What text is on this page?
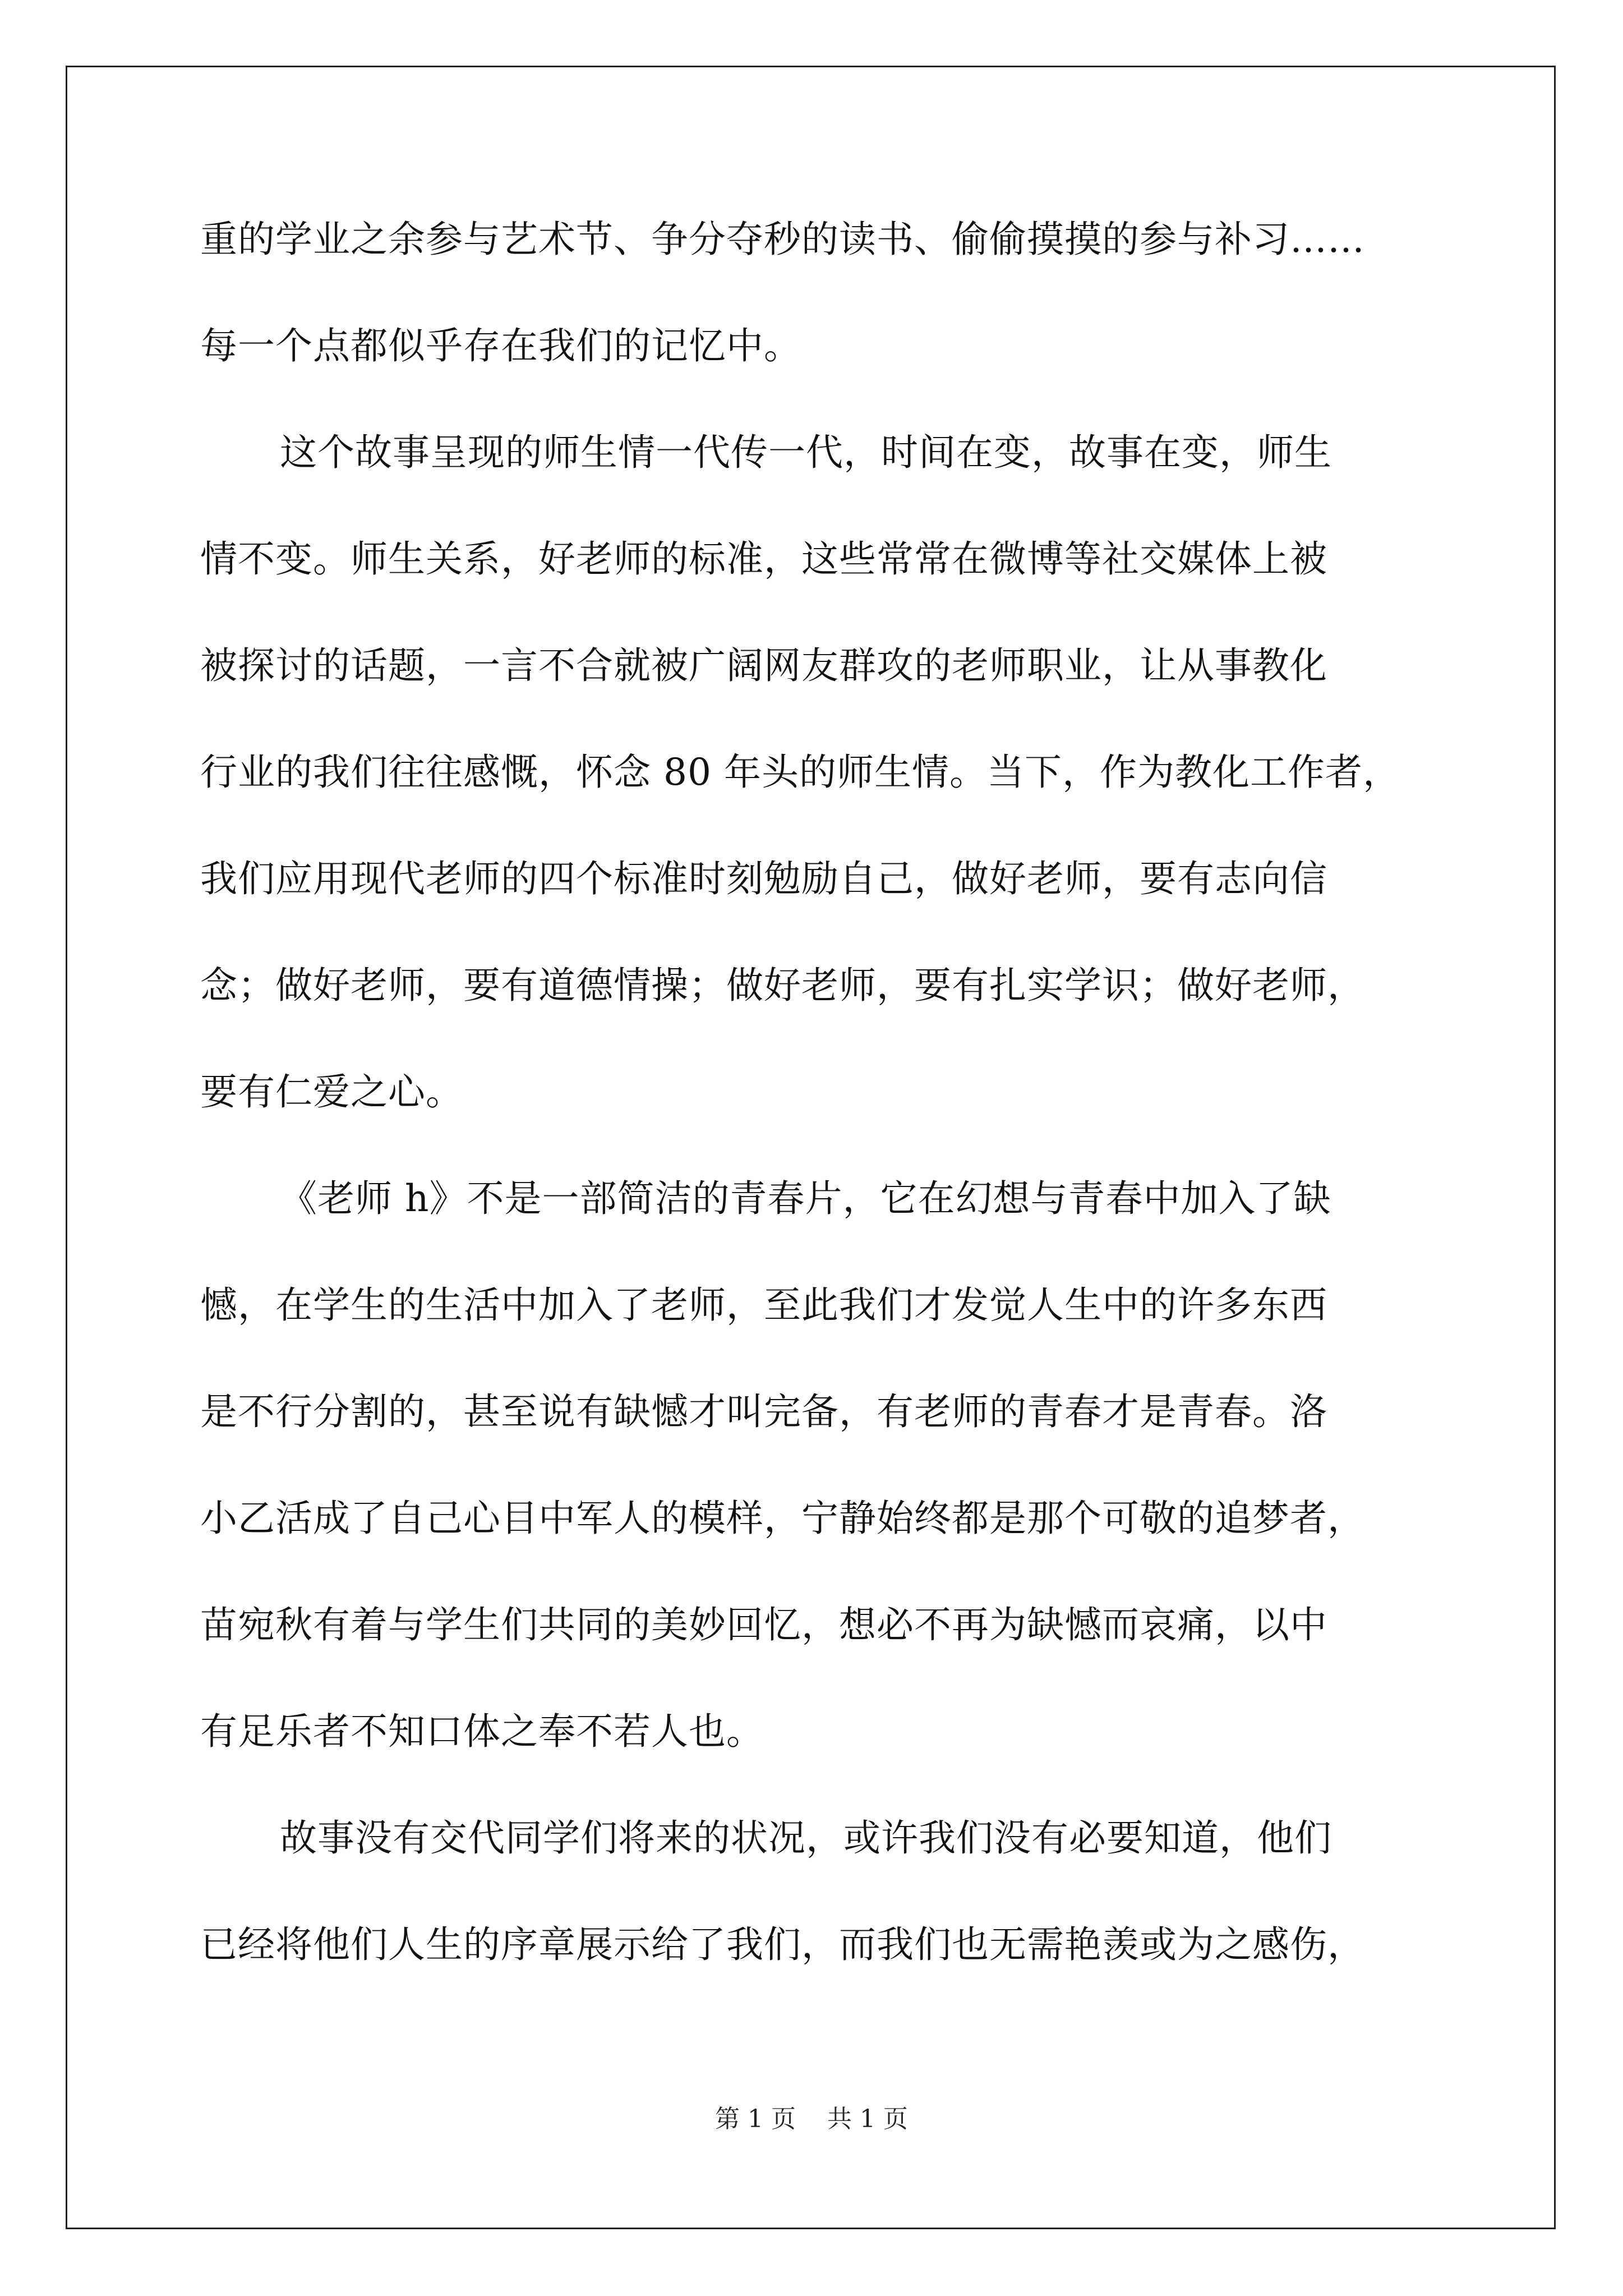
重的学业之余参与艺术节、争分夺秒的读书、偷偷摸摸的参与补习……
每一个点都似乎存在我们的记忆中。
这个故事呈现的师生情一代传一代，时间在变，故事在变，师生
情不变。师生关系，好老师的标准，这些常常在微博等社交媒体上被
被探讨的话题，一言不合就被广阔网友群攻的老师职业，让从事教化
行业的我们往往感慨，怀念 80 年头的师生情。当下，作为教化工作者，
我们应用现代老师的四个标准时刻勉励自己，做好老师，要有志向信
念；做好老师，要有道德情操；做好老师，要有扎实学识；做好老师，
要有仁爱之心。
《老师 h》不是一部简洁的青春片，它在幻想与青春中加入了缺
憾，在学生的生活中加入了老师，至此我们才发觉人生中的许多东西
是不行分割的，甚至说有缺憾才叫完备，有老师的青春才是青春。洛
小乙活成了自己心目中军人的模样，宁静始终都是那个可敬的追梦者，
苗宛秋有着与学生们共同的美妙回忆，想必不再为缺憾而哀痛，以中
有足乐者不知口体之奉不若人也。
故事没有交代同学们将来的状况，或许我们没有必要知道，他们
已经将他们人生的序章展示给了我们，而我们也无需艳羡或为之感伤，
第 1 页    共 1 页
